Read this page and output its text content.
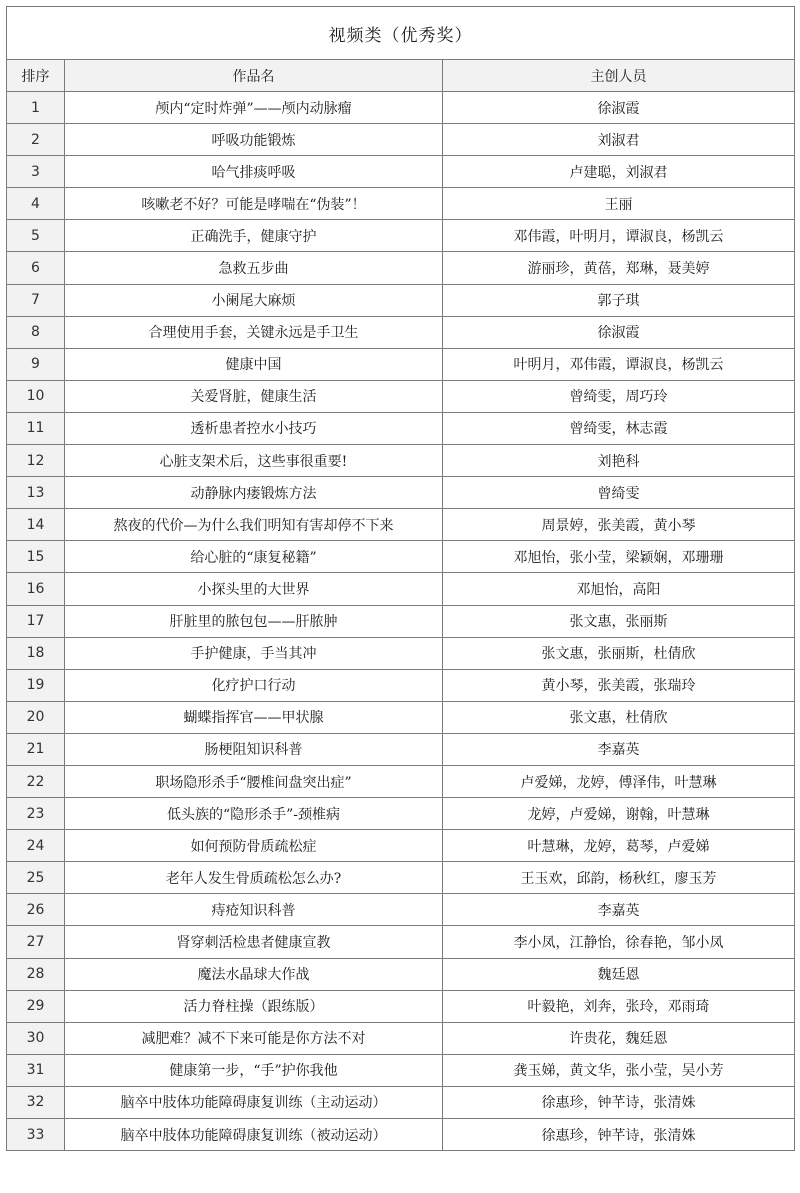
视频类（优秀奖）		
排序	作品名	主创人员
1	颅内“定时炸弹”——颅内动脉瘤	徐淑霞
2	呼吸功能锻炼	刘淑君
3	哈气排痰呼吸	卢建聪，刘淑君
4	咳嗽老不好？可能是哮喘在“伪装”！	王丽
5	正确洗手，健康守护	邓伟霞，叶明月，谭淑良，杨凯云
6	急救五步曲	游丽珍，黄蓓，郑琳，聂美婷
7	小阑尾大麻烦	郭子琪
8	合理使用手套，关键永远是手卫生	徐淑霞
9	健康中国	叶明月，邓伟霞，谭淑良，杨凯云
10	关爱肾脏，健康生活	曾绮雯，周巧玲
11	透析患者控水小技巧	曾绮雯，林志霞
12	心脏支架术后，这些事很重要!	刘艳科
13	动静脉内瘘锻炼方法	曾绮雯
14	熬夜的代价—为什么我们明知有害却停不下来	周景婷，张美霞，黄小琴
15	给心脏的“康复秘籍”	邓旭怡，张小莹，梁颖娴，邓珊珊
16	小探头里的大世界	邓旭怡，高阳
17	肝脏里的脓包包——肝脓肿	张文惠，张丽斯
18	手护健康，手当其冲	张文惠，张丽斯，杜倩欣
19	化疗护口行动	黄小琴，张美霞，张瑞玲
20	蝴蝶指挥官——甲状腺	张文惠，杜倩欣
21	肠梗阻知识科普	李嘉英
22	职场隐形杀手“腰椎间盘突出症”	卢爱娣，龙婷，傅泽伟，叶慧琳
23	低头族的“隐形杀手”-颈椎病	龙婷，卢爱娣，谢翰，叶慧琳
24	如何预防骨质疏松症	叶慧琳，龙婷，葛琴，卢爱娣
25	老年人发生骨质疏松怎么办?	王玉欢，邱韵，杨秋红，廖玉芳
26	痔疮知识科普	李嘉英
27	肾穿刺活检患者健康宣教	李小凤，江静怡，徐春艳，邹小凤
28	魔法水晶球大作战	魏廷恩
29	活力脊柱操（跟练版）	叶毅艳，刘奔，张玲，邓雨琦
30	减肥难？减不下来可能是你方法不对	许贵花，魏廷恩
31	健康第一步，“手”护你我他	龚玉娣，黄文华，张小莹，吴小芳
32	脑卒中肢体功能障碍康复训练（主动运动）	徐惠珍，钟芊诗，张清姝
33	脑卒中肢体功能障碍康复训练（被动运动）	徐惠珍，钟芊诗，张清姝
